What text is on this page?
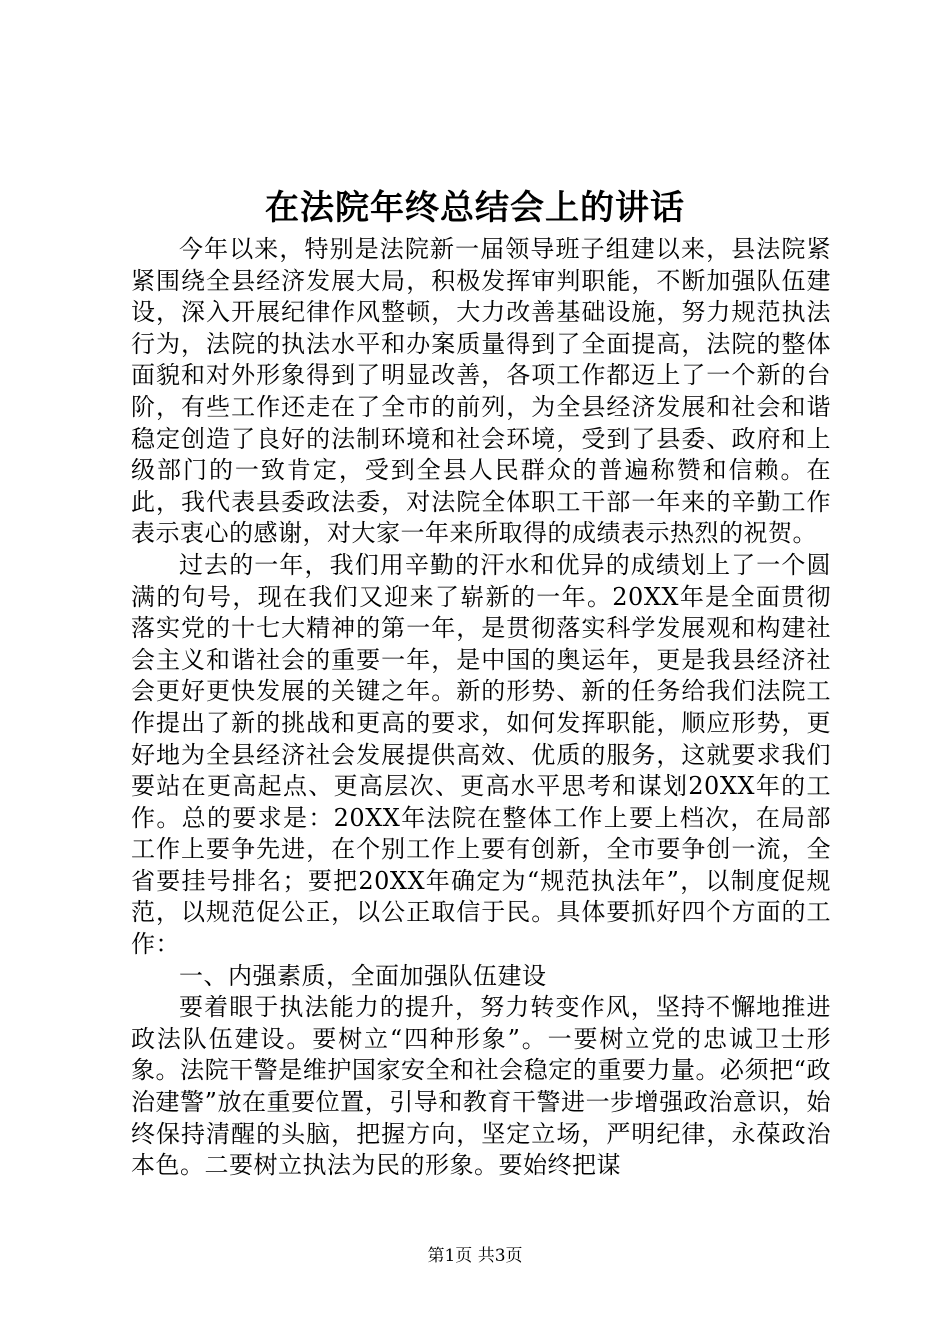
在法院年终总结会上的讲话

今年以来，特别是法院新一届领导班子组建以来，县法院紧紧围绕全县经济发展大局，积极发挥审判职能，不断加强队伍建设，深入开展纪律作风整顿，大力改善基础设施，努力规范执法行为，法院的执法水平和办案质量得到了全面提高，法院的整体面貌和对外形象得到了明显改善，各项工作都迈上了一个新的台阶，有些工作还走在了全市的前列，为全县经济发展和社会和谐稳定创造了良好的法制环境和社会环境，受到了县委、政府和上级部门的一致肯定，受到全县人民群众的普遍称赞和信赖。在此，我代表县委政法委，对法院全体职工干部一年来的辛勤工作表示衷心的感谢，对大家一年来所取得的成绩表示热烈的祝贺。

过去的一年，我们用辛勤的汗水和优异的成绩划上了一个圆满的句号，现在我们又迎来了崭新的一年。20XX年是全面贯彻落实党的十七大精神的第一年，是贯彻落实科学发展观和构建社会主义和谐社会的重要一年，是中国的奥运年，更是我县经济社会更好更快发展的关键之年。新的形势、新的任务给我们法院工作提出了新的挑战和更高的要求，如何发挥职能，顺应形势，更好地为全县经济社会发展提供高效、优质的服务，这就要求我们要站在更高起点、更高层次、更高水平思考和谋划20XX年的工作。总的要求是：20XX年法院在整体工作上要上档次，在局部工作上要争先进，在个别工作上要有创新，全市要争创一流，全省要挂号排名；要把20XX年确定为“规范执法年”，以制度促规范，以规范促公正，以公正取信于民。具体要抓好四个方面的工作：

一、内强素质，全面加强队伍建设

要着眼于执法能力的提升，努力转变作风，坚持不懈地推进政法队伍建设。要树立“四种形象”。一要树立党的忠诚卫士形象。法院干警是维护国家安全和社会稳定的重要力量。必须把“政治建警”放在重要位置，引导和教育干警进一步增强政治意识，始终保持清醒的头脑，把握方向，坚定立场，严明纪律，永葆政治本色。二要树立执法为民的形象。要始终把谋

第1页 共3页
